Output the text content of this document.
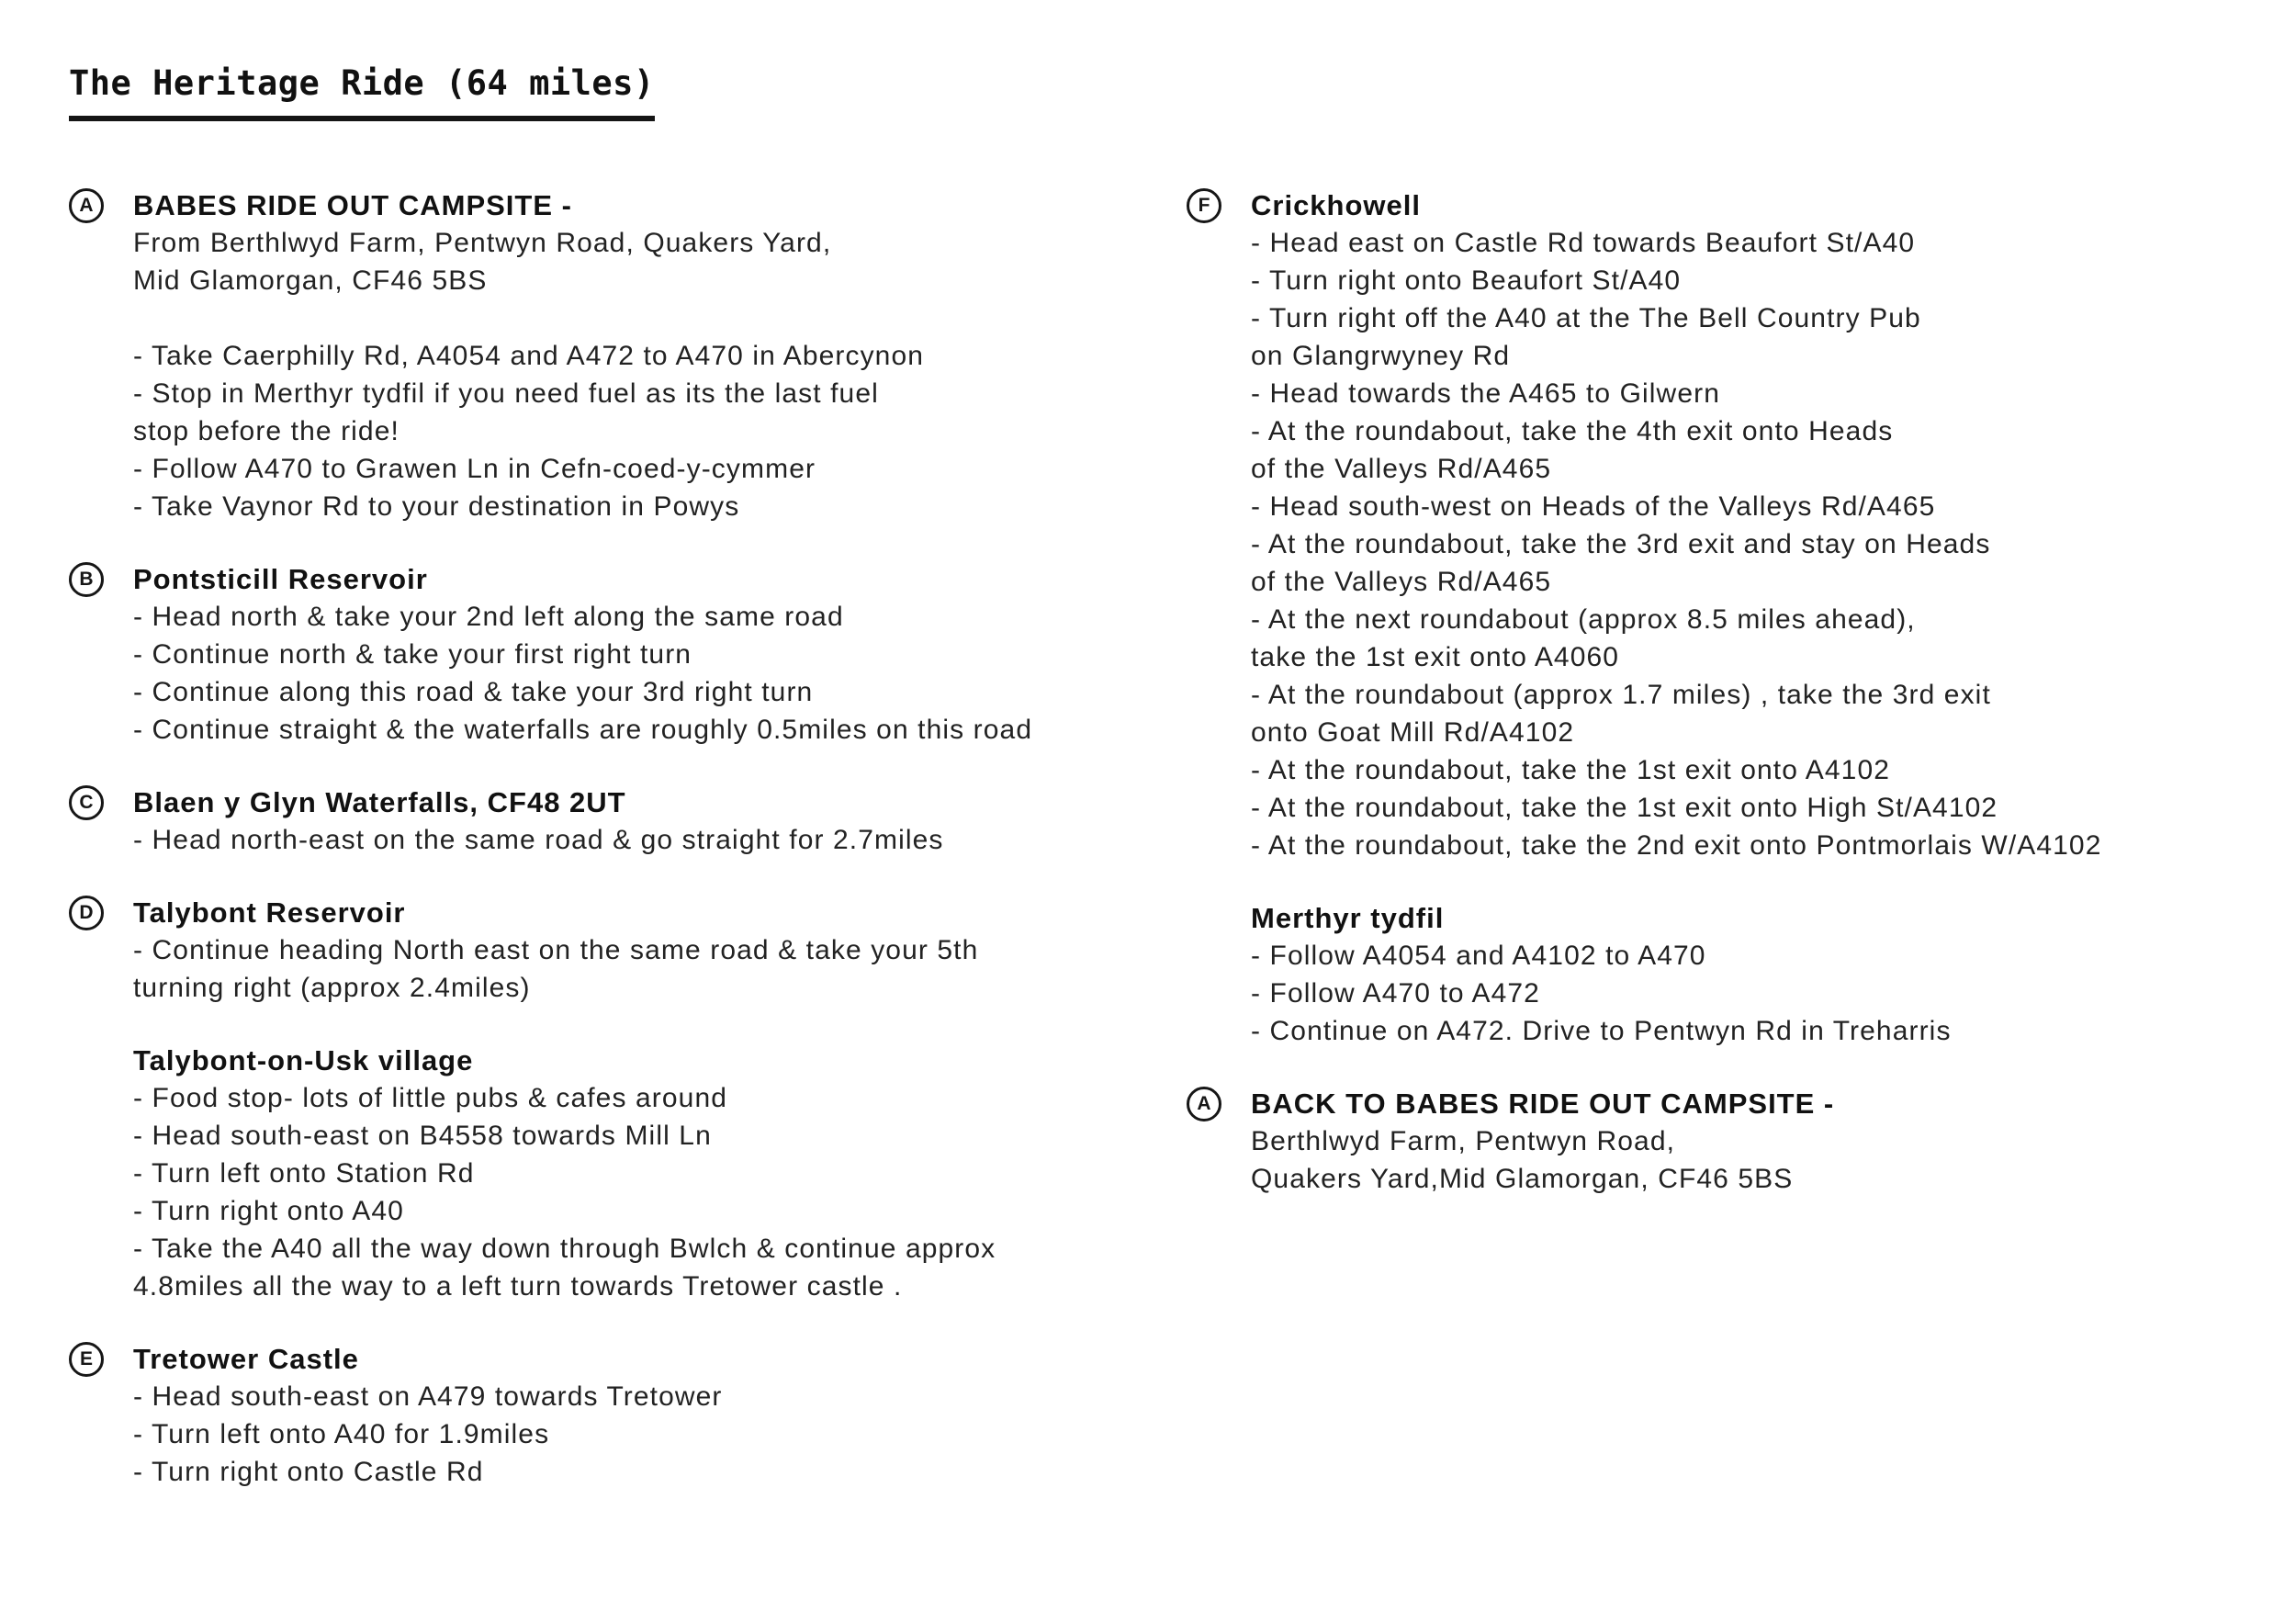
The Heritage Ride (64 miles)
A	BABES RIDE OUT CAMPSITE -
From Berthlwyd Farm, Pentwyn Road, Quakers Yard,
Mid Glamorgan, CF46 5BS
- Take Caerphilly Rd, A4054 and A472 to A470 in Abercynon
- Stop in Merthyr tydfil if you need fuel as its the last fuel
stop before the ride!
- Follow A470 to Grawen Ln in Cefn-coed-y-cymmer
- Take Vaynor Rd to your destination in Powys
B	Pontsticill Reservoir
- Head north & take your 2nd left along the same road
- Continue north & take your first right turn
- Continue along this road & take your 3rd right turn
- Continue straight & the waterfalls are roughly 0.5miles on this road
C	Blaen y Glyn Waterfalls, CF48 2UT
- Head north-east on the same road & go straight for 2.7miles
D	Talybont Reservoir
- Continue heading North east on the same road & take your 5th
turning right (approx 2.4miles)
Talybont-on-Usk village
- Food stop- lots of little pubs & cafes around
- Head south-east on B4558 towards Mill Ln
- Turn left onto Station Rd
- Turn right onto A40
- Take the A40 all the way down through Bwlch & continue approx
4.8miles all the way to a left turn towards Tretower castle .
E	Tretower Castle
- Head south-east on A479 towards Tretower
- Turn left onto A40 for 1.9miles
- Turn right onto Castle Rd
F	Crickhowell
- Head east on Castle Rd towards Beaufort St/A40
- Turn right onto Beaufort St/A40
- Turn right off the A40 at the The Bell Country Pub
on Glangrwyney Rd
- Head towards the A465 to Gilwern
- At the roundabout, take the 4th exit onto Heads
of the Valleys Rd/A465
- Head south-west on Heads of the Valleys Rd/A465
- At the roundabout, take the 3rd exit and stay on Heads
of the Valleys Rd/A465
- At the next roundabout (approx 8.5 miles ahead),
take the 1st exit onto A4060
- At the roundabout (approx 1.7 miles) , take the 3rd exit
onto Goat Mill Rd/A4102
- At the roundabout, take the 1st exit onto A4102
- At the roundabout, take the 1st exit onto High St/A4102
- At the roundabout, take the 2nd exit onto Pontmorlais W/A4102
Merthyr tydfil
- Follow A4054 and A4102 to A470
- Follow A470 to A472
- Continue on A472. Drive to Pentwyn Rd in Treharris
A	BACK TO BABES RIDE OUT CAMPSITE -
Berthlwyd Farm, Pentwyn Road,
Quakers Yard,Mid Glamorgan, CF46 5BS
